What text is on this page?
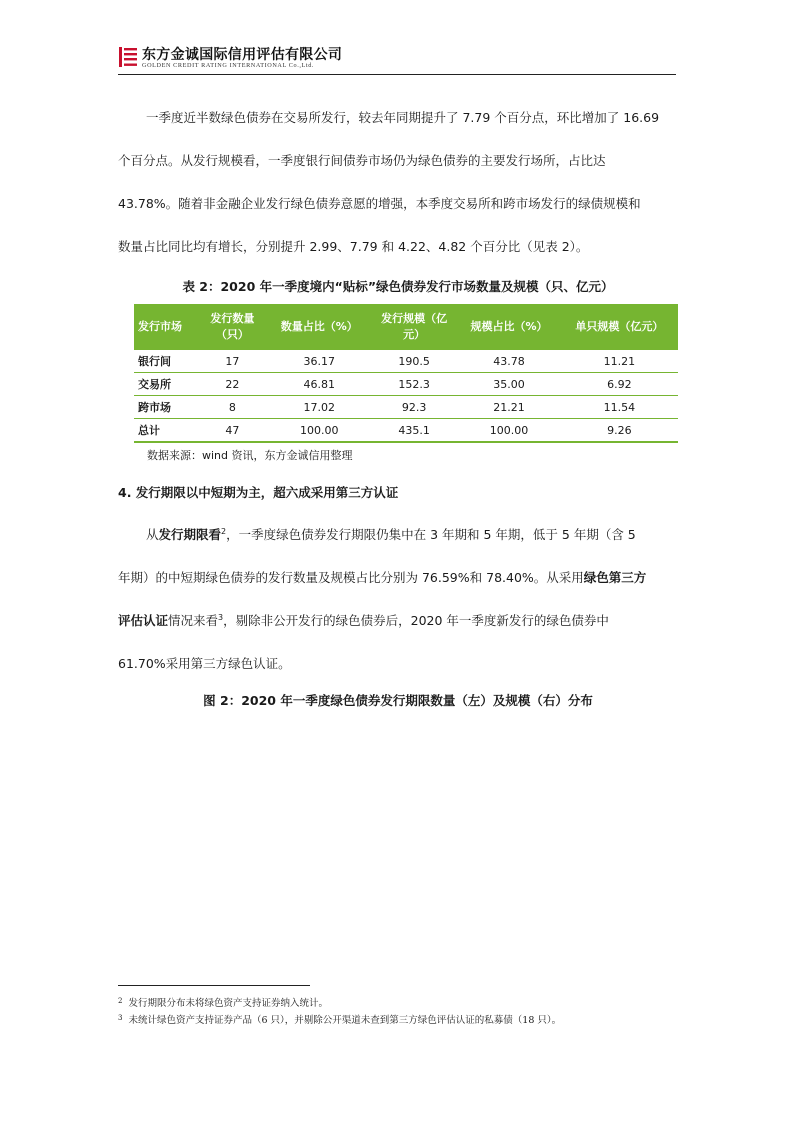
东方金诚国际信用评估有限公司
GOLDEN CREDIT RATING INTERNATIONAL Co.,Ltd.
一季度近半数绿色债券在交易所发行，较去年同期提升了 7.79 个百分点，环比增加了 16.69
个百分点。从发行规模看，一季度银行间债券市场仍为绿色债券的主要发行场所，占比达
43.78%。随着非金融企业发行绿色债券意愿的增强，本季度交易所和跨市场发行的绿债规模和
数量占比同比均有增长，分别提升 2.99、7.79 和 4.22、4.82 个百分比（见表 2）。
表 2：2020 年一季度境内“贴标”绿色债券发行市场数量及规模（只、亿元）
发行市场	发行数量（只）	数量占比（%）	发行规模（亿元）	规模占比（%）	单只规模（亿元）
银行间	17	36.17	190.5	43.78	11.21
交易所	22	46.81	152.3	35.00	6.92
跨市场	8	17.02	92.3	21.21	11.54
总计	47	100.00	435.1	100.00	9.26
数据来源：wind 资讯，东方金诚信用整理
4. 发行期限以中短期为主，超六成采用第三方认证
从发行期限看$^2$，一季度绿色债券发行期限仍集中在 3 年期和 5 年期，低于 5 年期（含 5
年期）的中短期绿色债券的发行数量及规模占比分别为 76.59%和 78.40%。从采用绿色第三方
评估认证情况来看$^3$，剔除非公开发行的绿色债券后，2020 年一季度新发行的绿色债券中
61.70%采用第三方绿色认证。
图 2：2020 年一季度绿色债券发行期限数量（左）及规模（右）分布
$^2$ 发行期限分布未将绿色资产支持证券纳入统计。
$^3$ 未统计绿色资产支持证券产品（6 只），并剔除公开渠道未查到第三方绿色评估认证的私募债（18 只）。
